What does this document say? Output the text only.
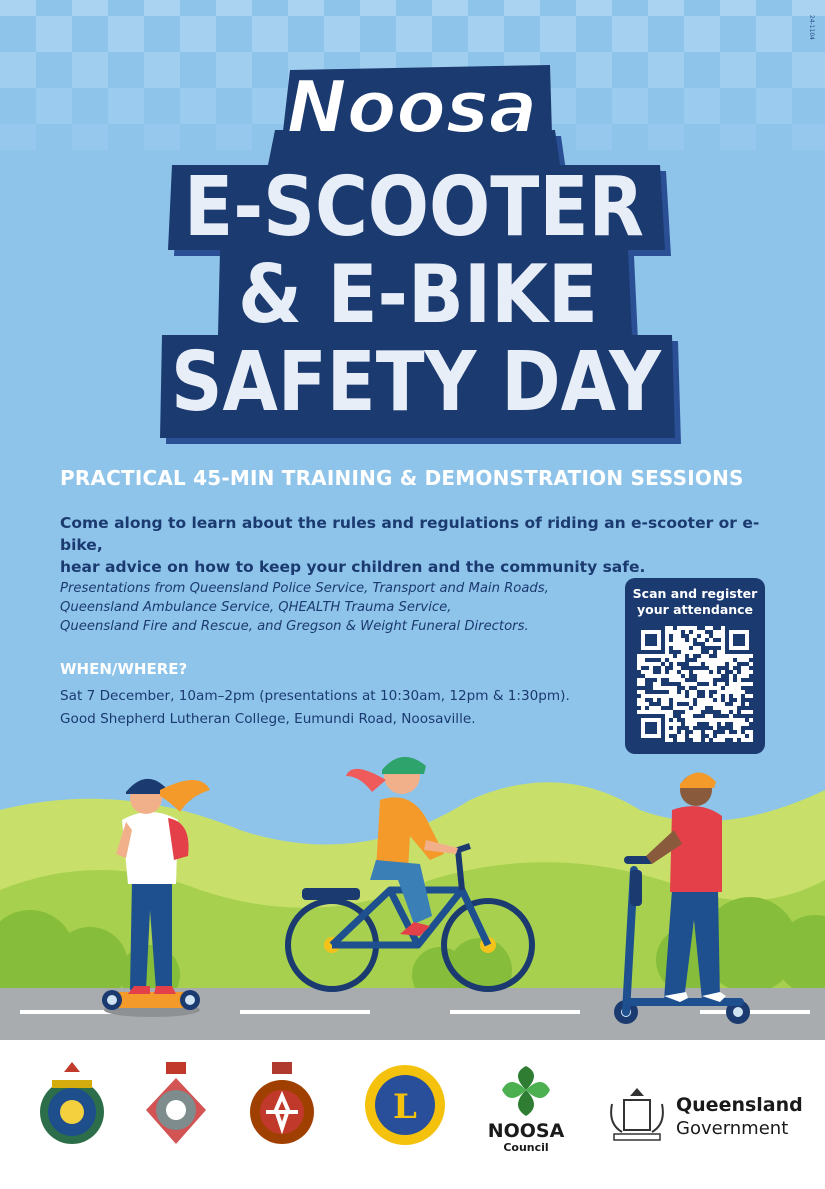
24-1104
Noosa
E-SCOOTER
& E-BIKE
SAFETY DAY
PRACTICAL 45-MIN TRAINING & DEMONSTRATION SESSIONS
Come along to learn about the rules and regulations of riding an e-scooter or e-bike,
hear advice on how to keep your children and the community safe.
Presentations from Queensland Police Service, Transport and Main Roads,
Queensland Ambulance Service, QHEALTH Trauma Service,
Queensland Fire and Rescue, and Gregson & Weight Funeral Directors.
WHEN/WHERE?
Sat 7 December, 10am–2pm (presentations at 10:30am, 12pm & 1:30pm).
Good Shepherd Lutheran College, Eumundi Road, Noosaville.
Scan and register
your attendance
L
NOOSA
Council
Queensland
Government
